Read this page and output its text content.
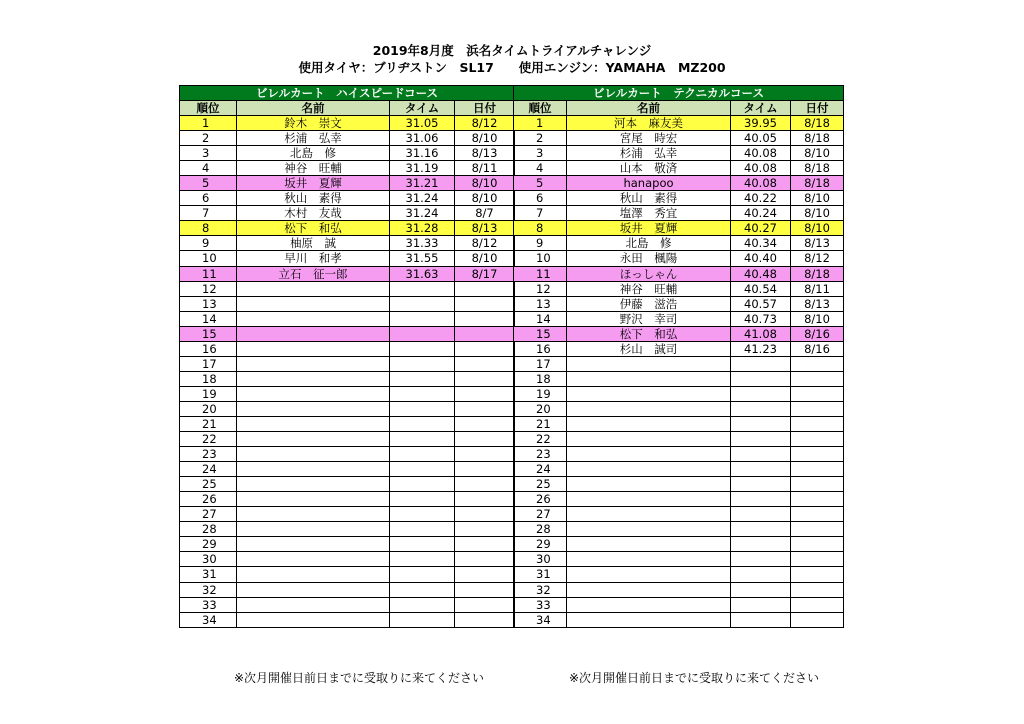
2019年8月度　浜名タイムトライアルチャレンジ
使用タイヤ：ブリヂストン　SL17　　使用エンジン：YAMAHA　MZ200
ビレルカート　ハイスピードコース			
順位	名前	タイム	日付
1	鈴木　崇文	31.05	8/12
2	杉浦　弘幸	31.06	8/10
3	北島　修	31.16	8/13
4	神谷　旺輔	31.19	8/11
5	坂井　夏輝	31.21	8/10
6	秋山　素得	31.24	8/10
7	木村　友哉	31.24	8/7
8	松下　和弘	31.28	8/13
9	柚原　誠	31.33	8/12
10	早川　和孝	31.55	8/10
11	立石　征一郎	31.63	8/17
12			
13			
14			
15			
16			
17			
18			
19			
20			
21			
22			
23			
24			
25			
26			
27			
28			
29			
30			
31			
32			
33			
34			
ビレルカート　テクニカルコース			
順位	名前	タイム	日付
1	河本　麻友美	39.95	8/18
2	宮尾　時宏	40.05	8/18
3	杉浦　弘幸	40.08	8/10
4	山本　敬済	40.08	8/18
5	hanapoo	40.08	8/18
6	秋山　素得	40.22	8/10
7	塩澤　秀宜	40.24	8/10
8	坂井　夏輝	40.27	8/10
9	北島　修	40.34	8/13
10	永田　楓陽	40.40	8/12
11	ほっしゃん	40.48	8/18
12	神谷　旺輔	40.54	8/11
13	伊藤　滋浩	40.57	8/13
14	野沢　幸司	40.73	8/10
15	松下　和弘	41.08	8/16
16	杉山　誠司	41.23	8/16
17			
18			
19			
20			
21			
22			
23			
24			
25			
26			
27			
28			
29			
30			
31			
32			
33			
34			
※次月開催日前日までに受取りに来てください	※次月開催日前日までに受取りに来てください
